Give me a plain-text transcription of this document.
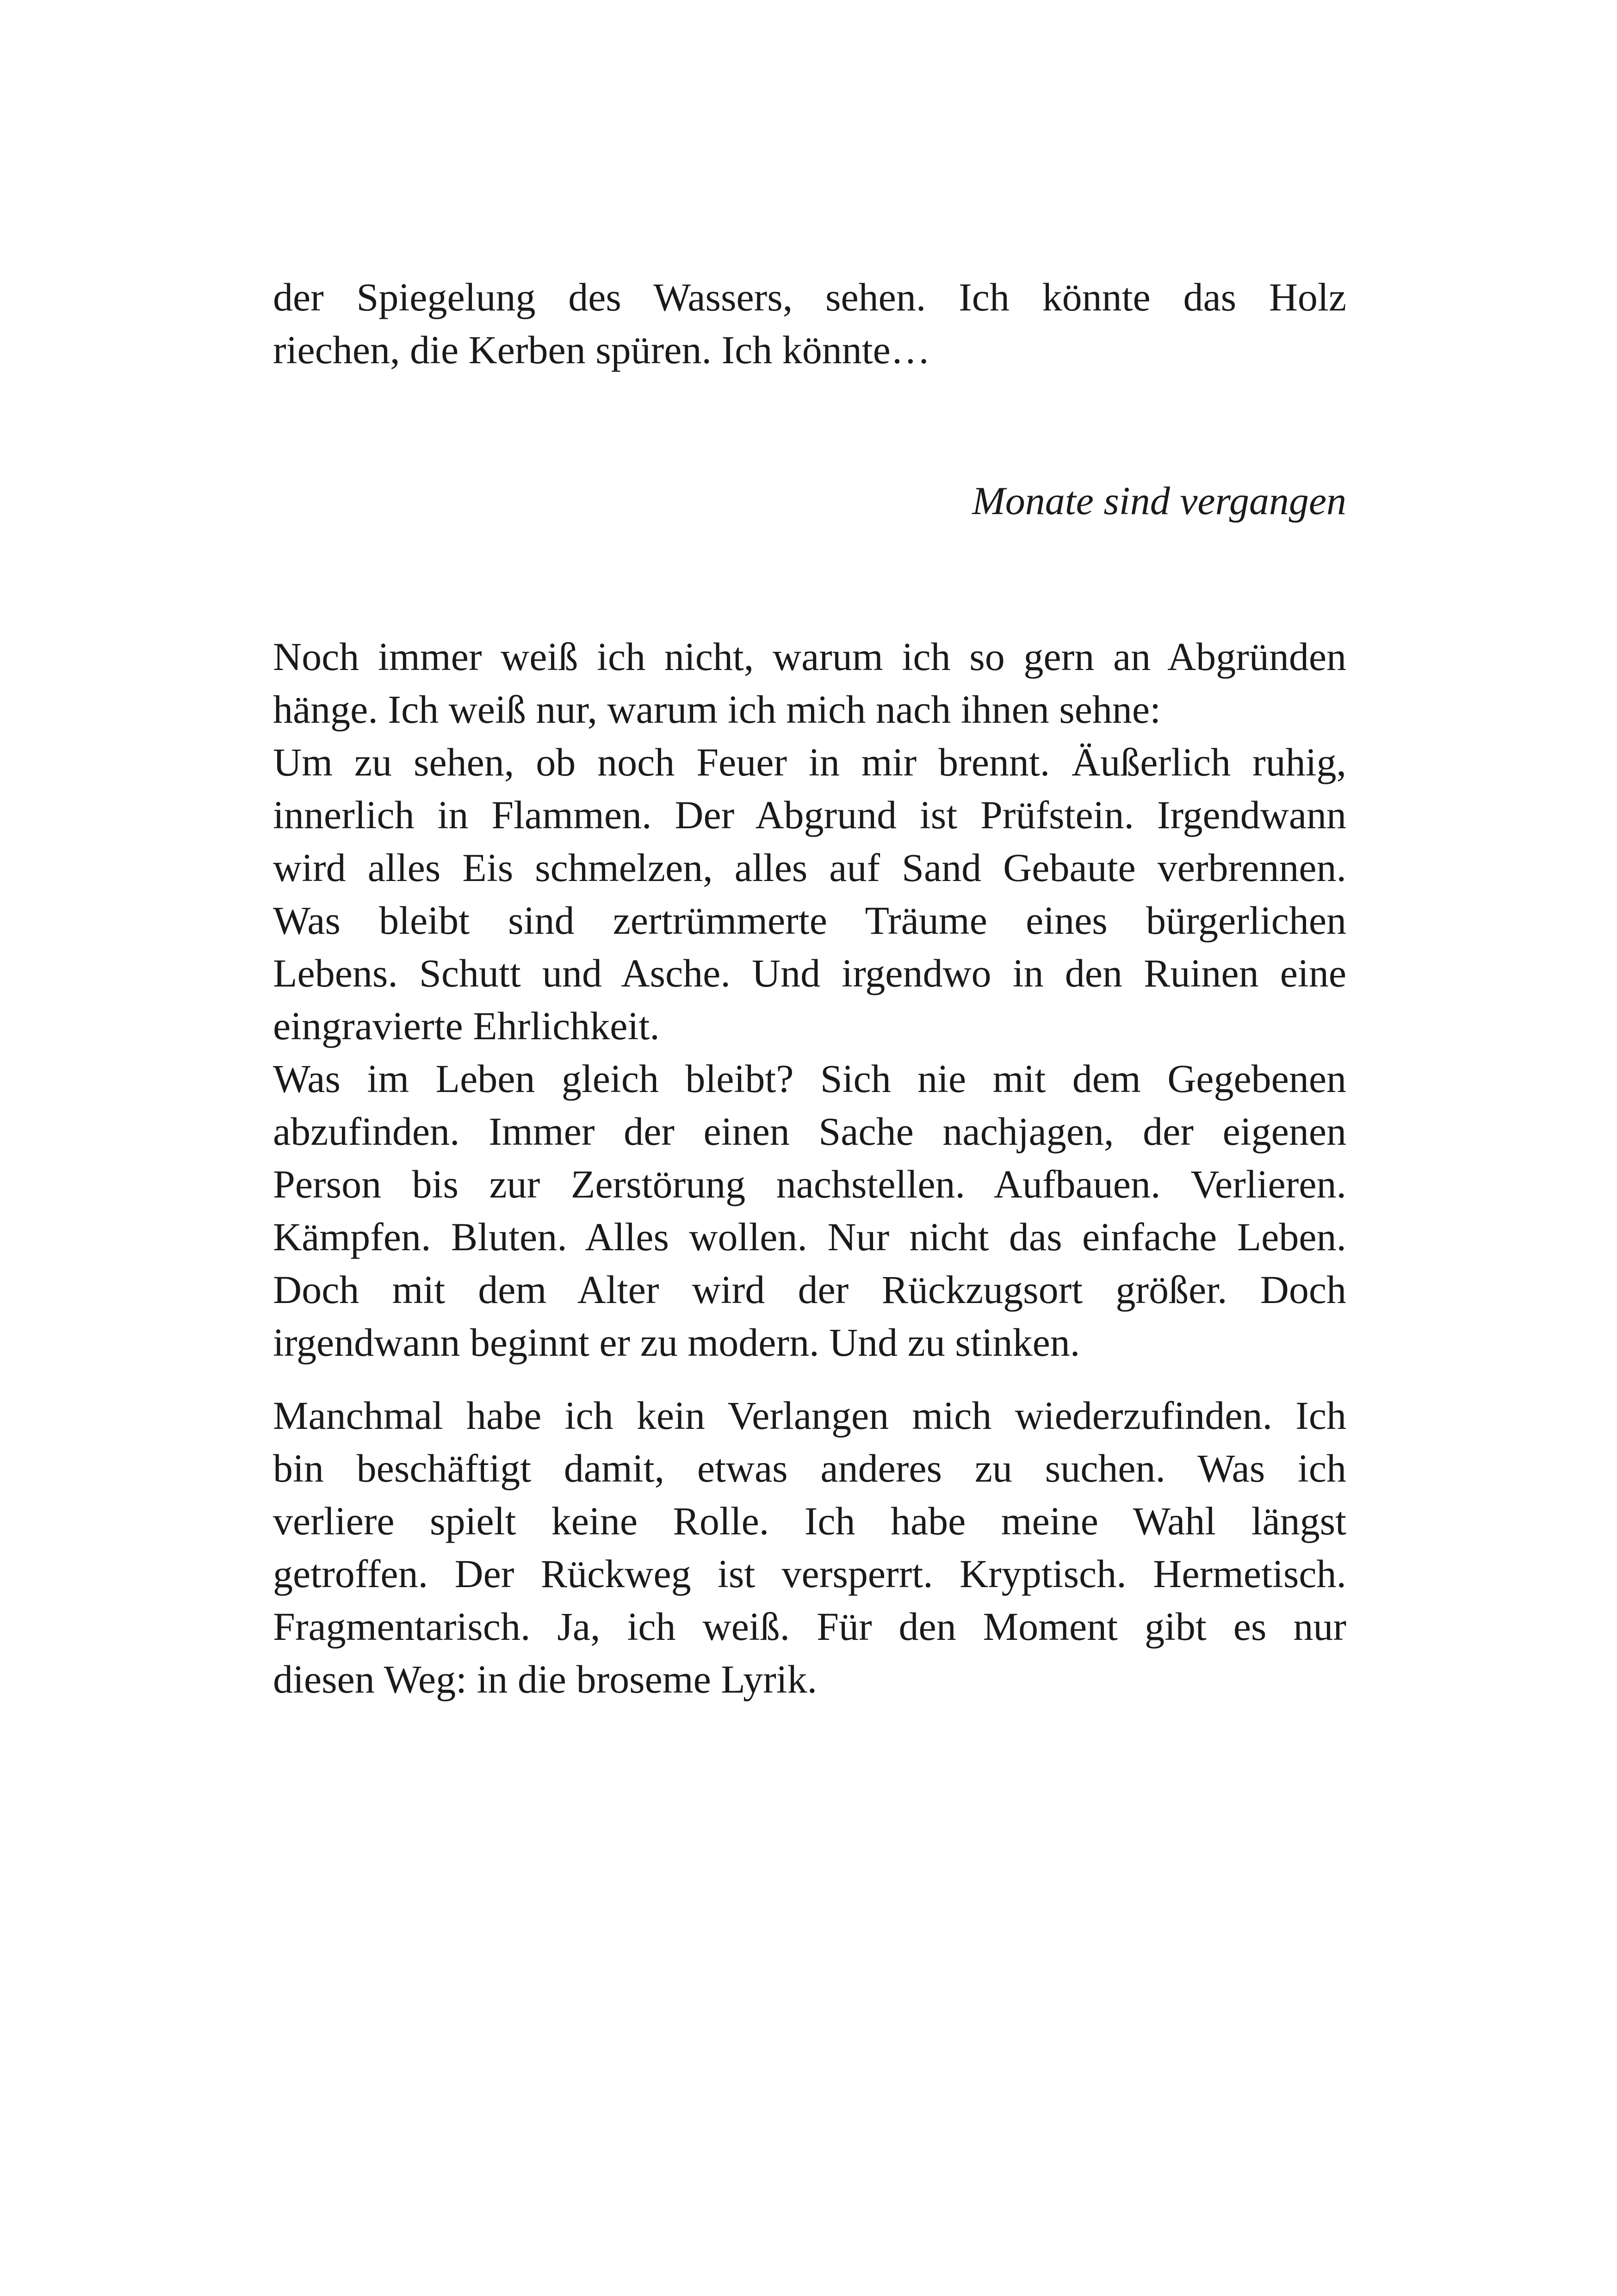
der Spiegelung des Wassers, sehen. Ich könnte das Holz
riechen, die Kerben spüren. Ich könnte…
Monate sind vergangen
Noch immer weiß ich nicht, warum ich so gern an Abgründen
hänge. Ich weiß nur, warum ich mich nach ihnen sehne:
Um zu sehen, ob noch Feuer in mir brennt. Äußerlich ruhig,
innerlich in Flammen. Der Abgrund ist Prüfstein. Irgendwann
wird alles Eis schmelzen, alles auf Sand Gebaute verbrennen.
Was bleibt sind zertrümmerte Träume eines bürgerlichen
Lebens. Schutt und Asche. Und irgendwo in den Ruinen eine
eingravierte Ehrlichkeit.
Was im Leben gleich bleibt? Sich nie mit dem Gegebenen
abzufinden. Immer der einen Sache nachjagen, der eigenen
Person bis zur Zerstörung nachstellen. Aufbauen. Verlieren.
Kämpfen. Bluten. Alles wollen. Nur nicht das einfache Leben.
Doch mit dem Alter wird der Rückzugsort größer. Doch
irgendwann beginnt er zu modern. Und zu stinken.
Manchmal habe ich kein Verlangen mich wiederzufinden. Ich
bin beschäftigt damit, etwas anderes zu suchen. Was ich
verliere spielt keine Rolle. Ich habe meine Wahl längst
getroffen. Der Rückweg ist versperrt. Kryptisch. Hermetisch.
Fragmentarisch. Ja, ich weiß. Für den Moment gibt es nur
diesen Weg: in die broseme Lyrik.
